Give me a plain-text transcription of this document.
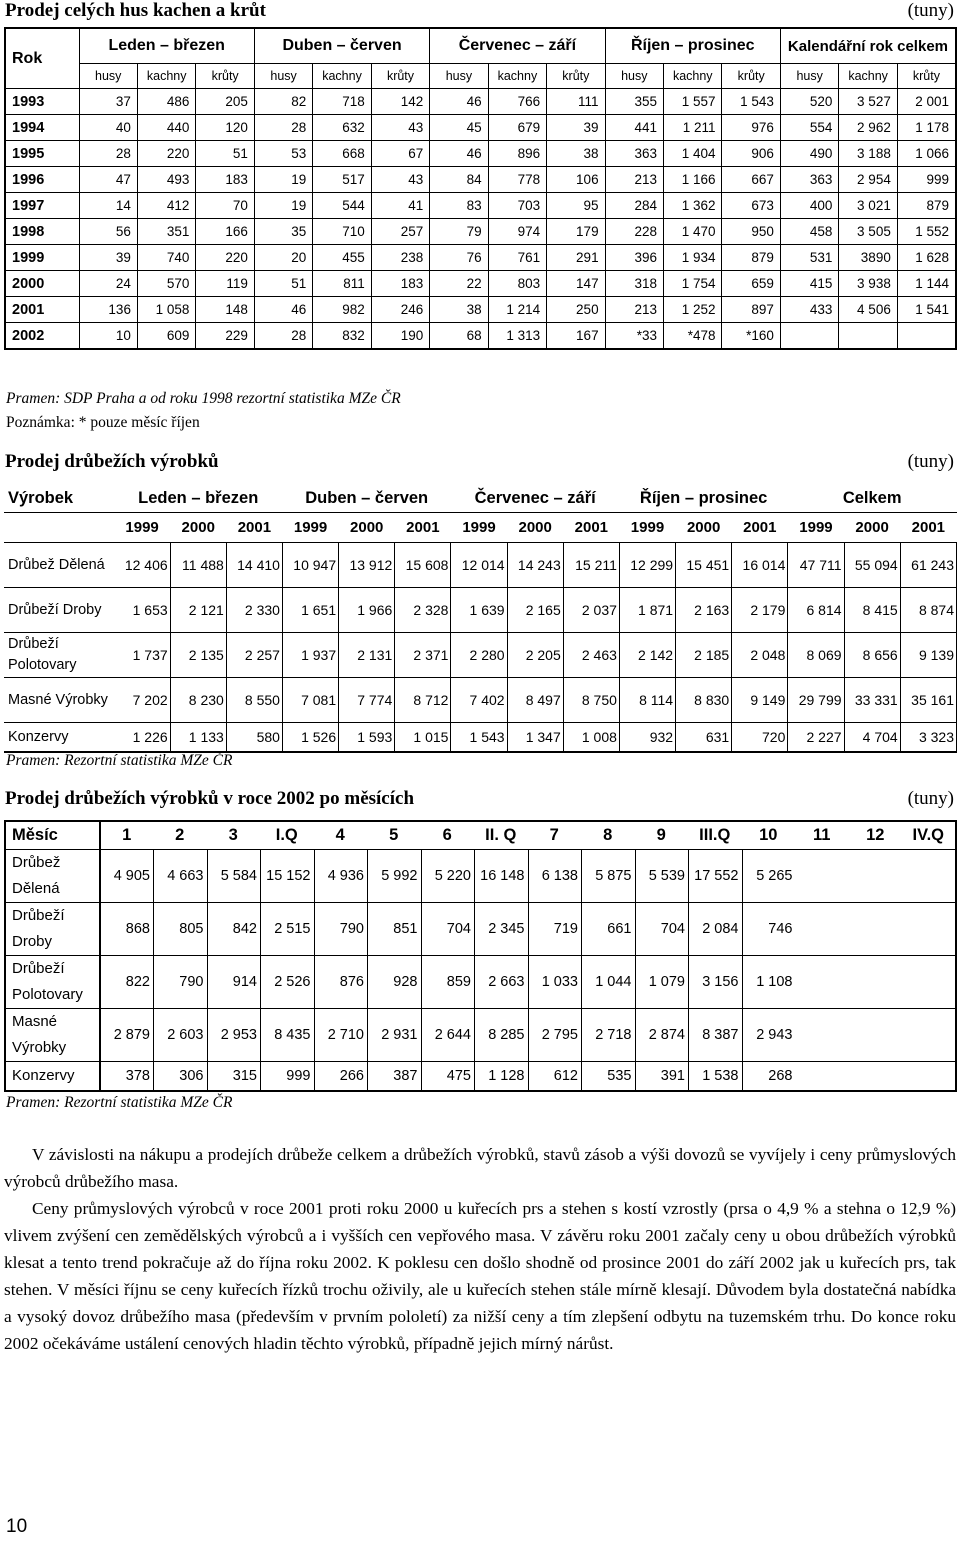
Prodej celých hus kachen a krůt	(tuny)
Rok	Leden – březen			Duben – červen			Červenec – září			Říjen – prosinec			Kalendářní rok celkem		
	husy	kachny	krůty	husy	kachny	krůty	husy	kachny	krůty	husy	kachny	krůty	husy	kachny	krůty
1993	37	486	205	82	718	142	46	766	111	355	1 557	1 543	520	3 527	2 001
1994	40	440	120	28	632	43	45	679	39	441	1 211	976	554	2 962	1 178
1995	28	220	51	53	668	67	46	896	38	363	1 404	906	490	3 188	1 066
1996	47	493	183	19	517	43	84	778	106	213	1 166	667	363	2 954	999
1997	14	412	70	19	544	41	83	703	95	284	1 362	673	400	3 021	879
1998	56	351	166	35	710	257	79	974	179	228	1 470	950	458	3 505	1 552
1999	39	740	220	20	455	238	76	761	291	396	1 934	879	531	3890	1 628
2000	24	570	119	51	811	183	22	803	147	318	1 754	659	415	3 938	1 144
2001	136	1 058	148	46	982	246	38	1 214	250	213	1 252	897	433	4 506	1 541
2002	10	609	229	28	832	190	68	1 313	167	*33	*478	*160			
Pramen: SDP Praha a od roku 1998 rezortní statistika MZe ČR
Poznámka: * pouze měsíc říjen
Prodej drůbežích výrobků	(tuny)
Výrobek	Leden – březen			Duben – červen			Červenec – září			Říjen – prosinec			Celkem		
	1999	2000	2001	1999	2000	2001	1999	2000	2001	1999	2000	2001	1999	2000	2001
Drůbež Dělená	12 406	11 488	14 410	10 947	13 912	15 608	12 014	14 243	15 211	12 299	15 451	16 014	47 711	55 094	61 243
Drůbeží Droby	1 653	2 121	2 330	1 651	1 966	2 328	1 639	2 165	2 037	1 871	2 163	2 179	6 814	8 415	8 874
Drůbeží Polotovary	1 737	2 135	2 257	1 937	2 131	2 371	2 280	2 205	2 463	2 142	2 185	2 048	8 069	8 656	9 139
Masné Výrobky	7 202	8 230	8 550	7 081	7 774	8 712	7 402	8 497	8 750	8 114	8 830	9 149	29 799	33 331	35 161
Konzervy	1 226	1 133	580	1 526	1 593	1 015	1 543	1 347	1 008	932	631	720	2 227	4 704	3 323
Pramen: Rezortní statistika MZe ČR
Prodej drůbežích výrobků v roce 2002 po měsících	(tuny)
Měsíc	1	2	3	I.Q	4	5	6	II. Q	7	8	9	III.Q	10	11	12	IV.Q
Drůbež Dělená	4 905	4 663	5 584	15 152	4 936	5 992	5 220	16 148	6 138	5 875	5 539	17 552	5 265			
Drůbeží Droby	868	805	842	2 515	790	851	704	2 345	719	661	704	2 084	746			
Drůbeží Polotovary	822	790	914	2 526	876	928	859	2 663	1 033	1 044	1 079	3 156	1 108			
Masné Výrobky	2 879	2 603	2 953	8 435	2 710	2 931	2 644	8 285	2 795	2 718	2 874	8 387	2 943			
Konzervy	378	306	315	999	266	387	475	1 128	612	535	391	1 538	268			
Pramen: Rezortní statistika MZe ČR

V závislosti na nákupu a prodejích drůbeže celkem a drůbežích výrobků, stavů zásob a výši dovozů se vyvíjely i ceny průmyslových výrobců drůbežího masa.

Ceny průmyslových výrobců v roce 2001 proti roku 2000 u kuřecích prs a stehen s kostí vzrostly (prsa o 4,9 % a stehna o 12,9 %) vlivem zvýšení cen zemědělských výrobců a i vyšších cen vepřového masa. V závěru roku 2001 začaly ceny u obou drůbežích výrobků klesat a tento trend pokračuje až do října roku 2002. K poklesu cen došlo shodně od prosince 2001 do září 2002 jak u kuřecích prs, tak stehen. V měsíci říjnu se ceny kuřecích řízků trochu oživily, ale u kuřecích stehen stále mírně klesají. Důvodem byla dostatečná nabídka a vysoký dovoz drůbežího masa (především v prvním pololetí) za nižší ceny a tím zlepšení odbytu na tuzemském trhu. Do konce roku 2002 očekáváme ustálení cenových hladin těchto výrobků, případně jejich mírný nárůst.

10
